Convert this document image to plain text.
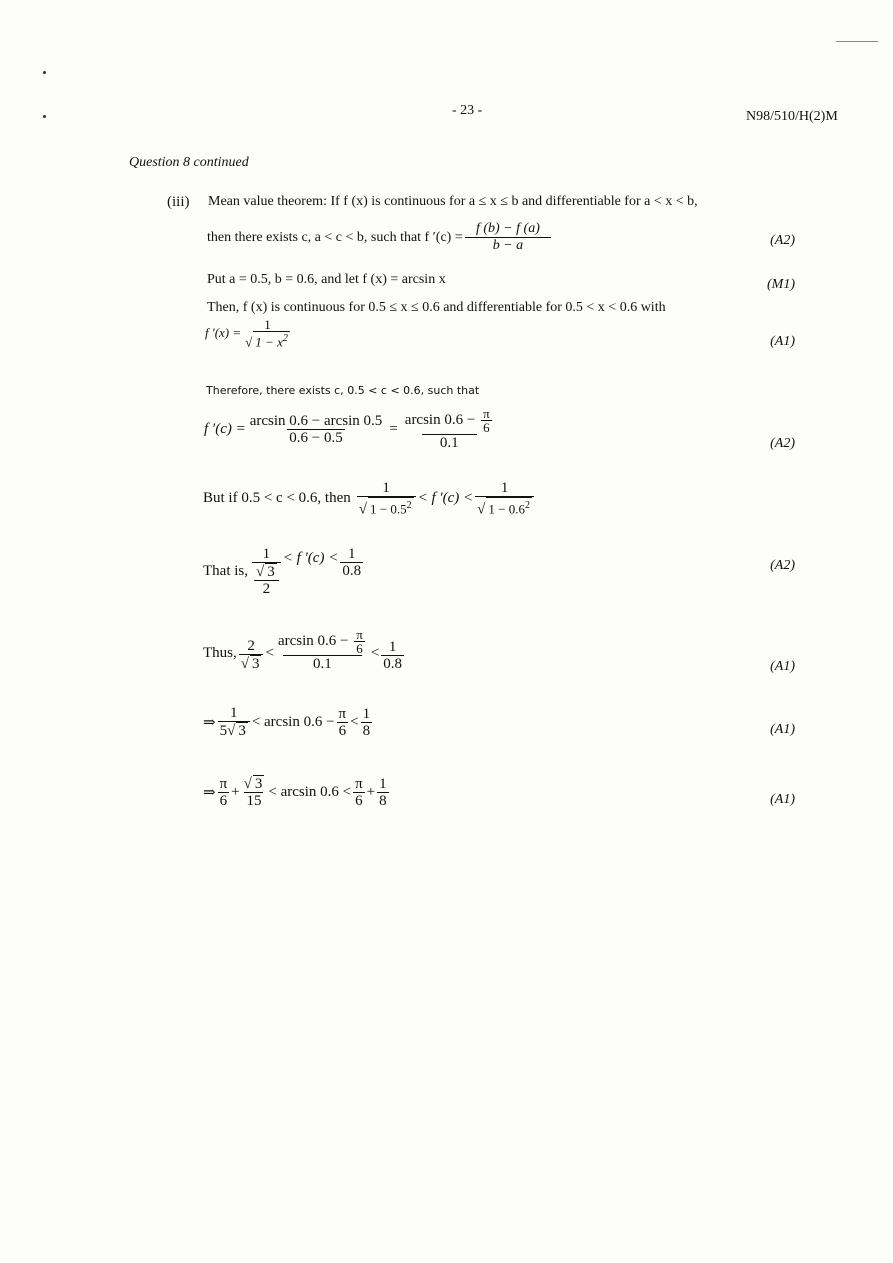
- 23 -	N98/510/H(2)M
Question 8 continued
(iii) Mean value theorem: If f (x) is continuous for a ≤ x ≤ b and differentiable for a < x < b,
then there exists c, a < c < b, such that f $'(c) = \frac{f (b) - f (a)}{b - a}$	(A2)
Put a = 0.5, b = 0.6, and let f (x) = arcsin x	(M1)
Then, f (x) is continuous for 0.5 ≤ x ≤ 0.6 and differentiable for 0.5 < x < 0.6 with
f ′(x) =
1
√ $1 - x^2$	(A1)
Therefore, there exists c, 0.5 < c < 0.6, such that
f $'(c) = \frac{\arcsin 0.6 - \arcsin 0.5}{0.6 - 0.5} = \frac{\arcsin 0.6 - \frac{\pi}{6}}{0.1}$	(A2)
But if 0.5 < c < 0.6, then $\frac{1}{√ 1 - 0.5^2} < f$ $'(c) < \frac{1}{√ 1 - 0.6^2}$
That is, $\frac{1}{\frac{√ 3}{2}} < f$ $'(c) < \frac{1}{0.8}$	(A2)
Thus, $\frac{2}{√ 3} < \frac{\arcsin 0.6 - \frac{\pi}{6}}{0.1} < \frac{1}{0.8}$	(A1)
⇒ $\frac{1}{5√ 3} < \arcsin 0.6 - \frac{\pi}{6} < \frac{1}{8}$	(A1)
⇒ $\frac{\pi}{6} + \frac{√ 3}{15} < \arcsin 0.6 < \frac{\pi}{6} + \frac{1}{8}$	(A1)
